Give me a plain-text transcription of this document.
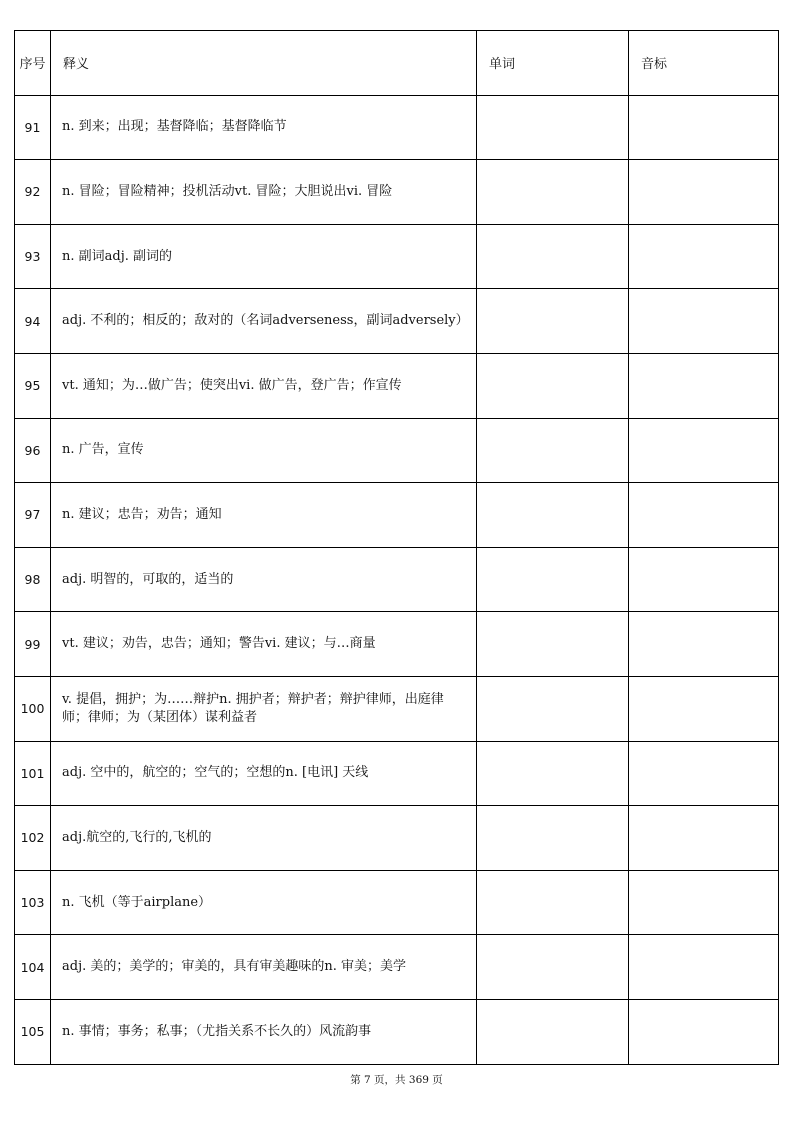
序号	释义	单词	音标
91	n. 到来；出现；基督降临；基督降临节		
92	n. 冒险；冒险精神；投机活动vt. 冒险；大胆说出vi. 冒险		
93	n. 副词adj. 副词的		
94	adj. 不利的；相反的；敌对的（名词adverseness，副词adversely）		
95	vt. 通知；为…做广告；使突出vi. 做广告，登广告；作宣传		
96	n. 广告，宣传		
97	n. 建议；忠告；劝告；通知		
98	adj. 明智的，可取的，适当的		
99	vt. 建议；劝告，忠告；通知；警告vi. 建议；与…商量		
100	v. 提倡，拥护；为……辩护n. 拥护者；辩护者；辩护律师，出庭律师；律师；为（某团体）谋利益者		
101	adj. 空中的，航空的；空气的；空想的n. [电讯] 天线		
102	adj.航空的,飞行的,飞机的		
103	n. 飞机（等于airplane）		
104	adj. 美的；美学的；审美的，具有审美趣味的n. 审美；美学		
105	n. 事情；事务；私事；（尤指关系不长久的）风流韵事		
第 7 页，共 369 页
